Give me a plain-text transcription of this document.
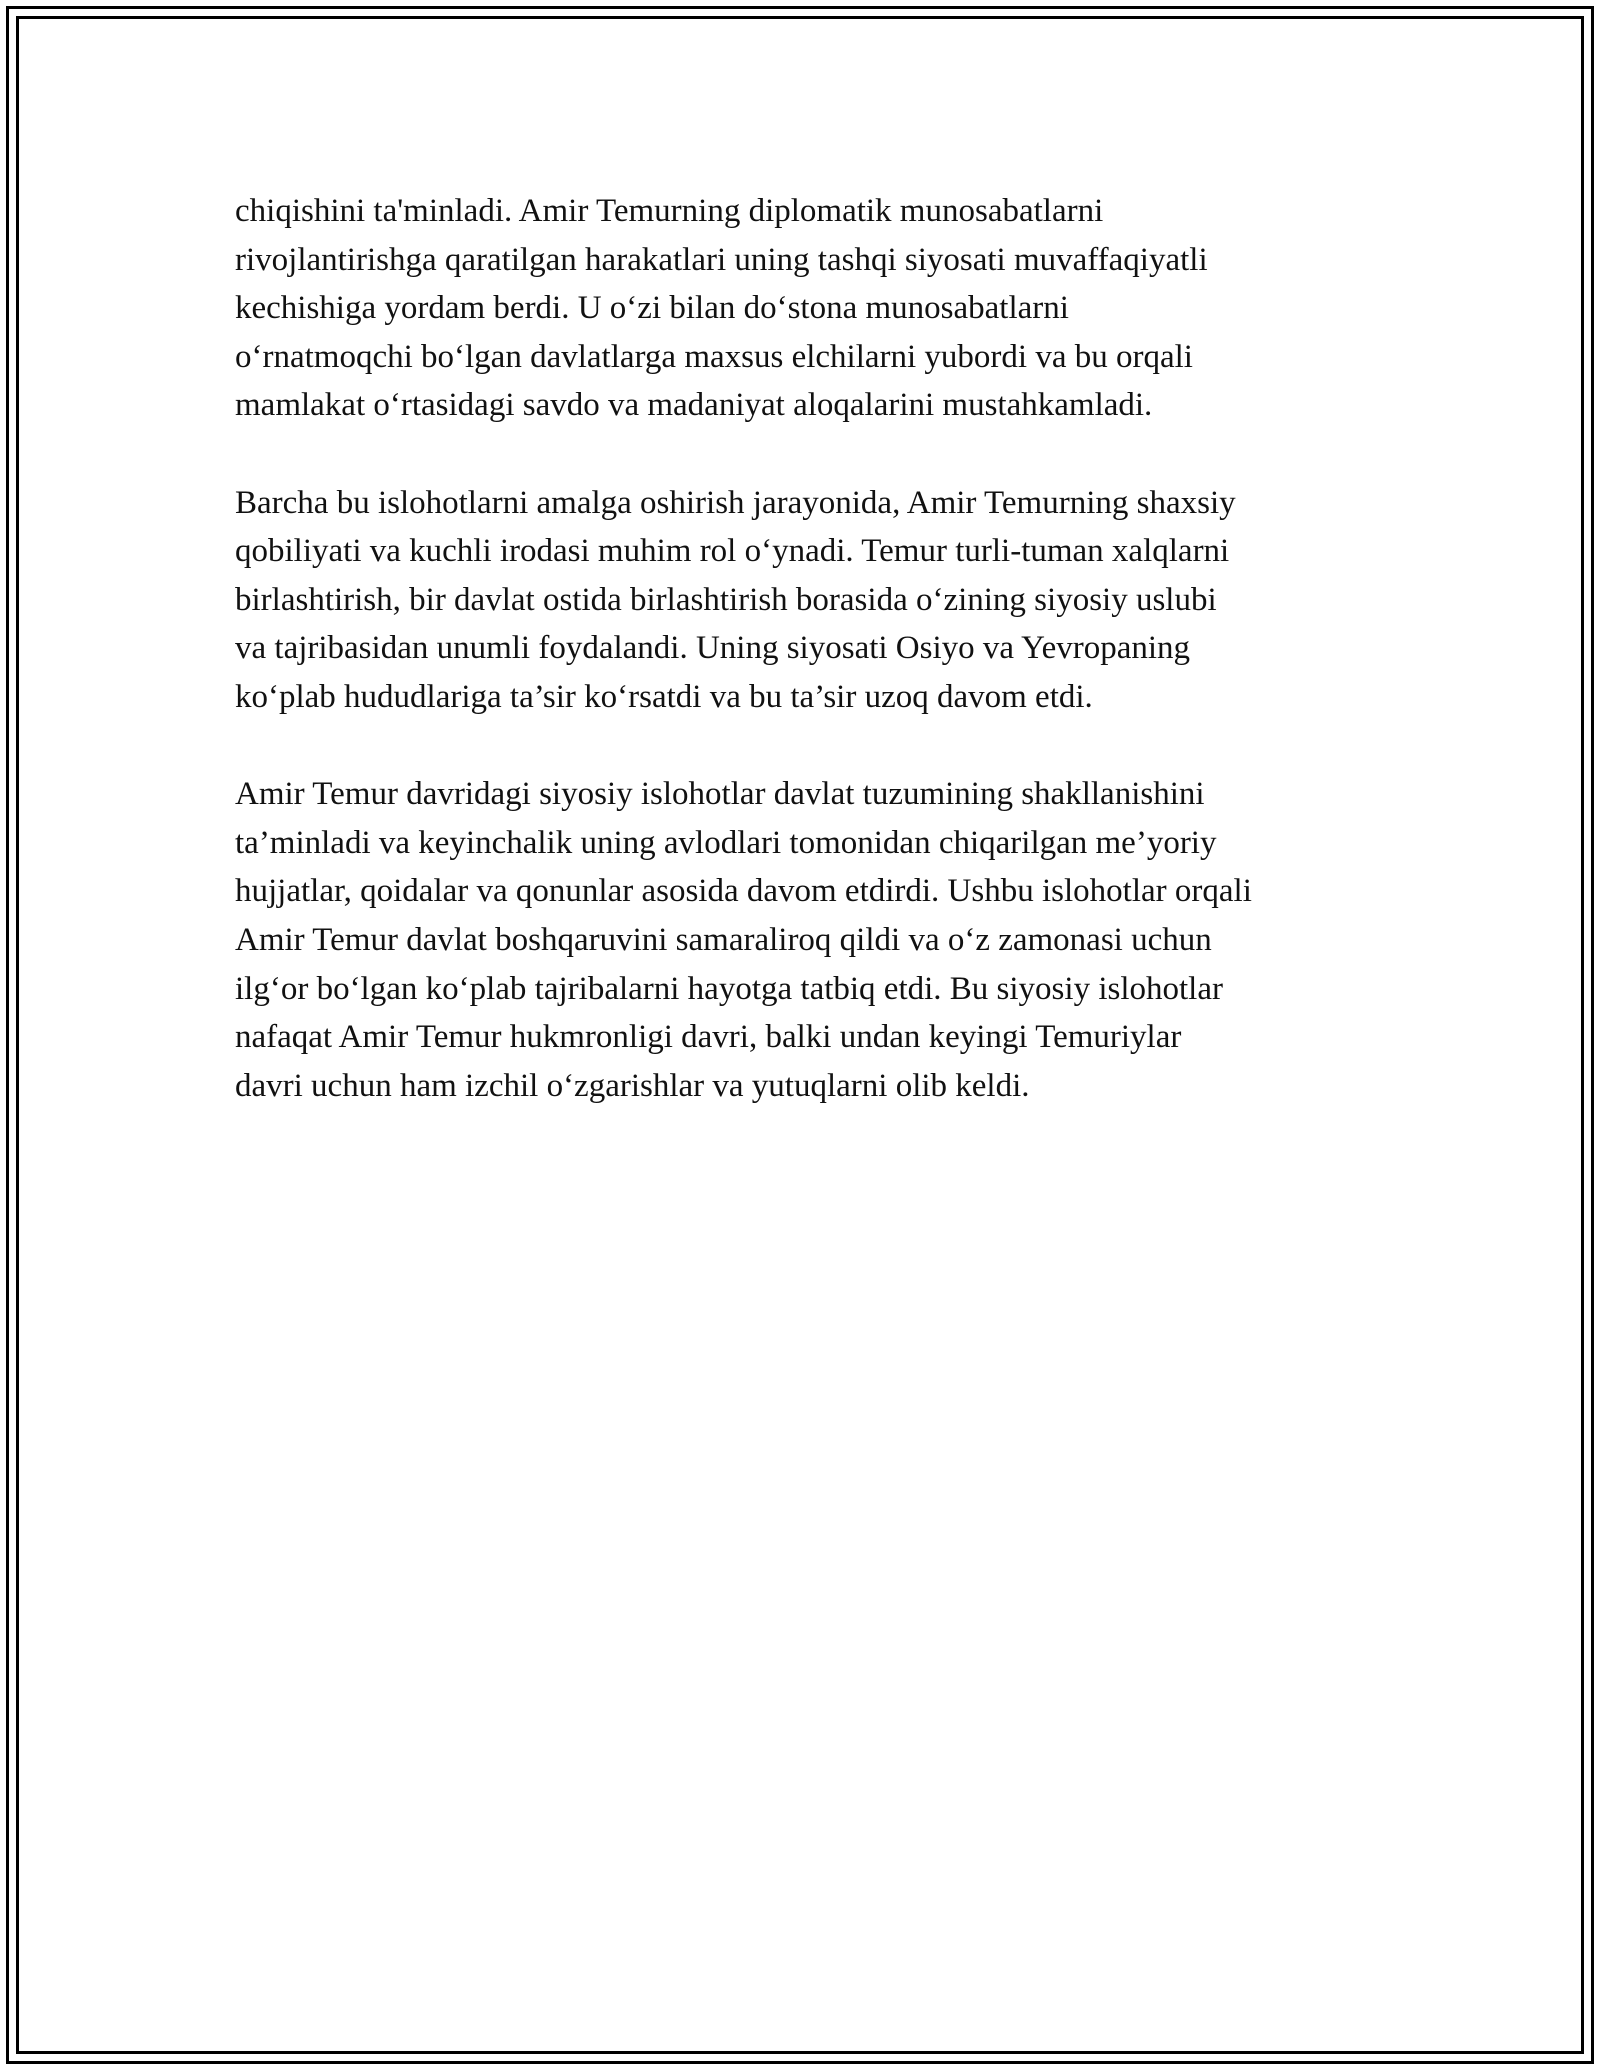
chiqishini ta'minladi. Amir Temurning diplomatik munosabatlarni
rivojlantirishga qaratilgan harakatlari uning tashqi siyosati muvaffaqiyatli
kechishiga yordam berdi. U o‘zi bilan do‘stona munosabatlarni
o‘rnatmoqchi bo‘lgan davlatlarga maxsus elchilarni yubordi va bu orqali
mamlakat o‘rtasidagi savdo va madaniyat aloqalarini mustahkamladi.

Barcha bu islohotlarni amalga oshirish jarayonida, Amir Temurning shaxsiy
qobiliyati va kuchli irodasi muhim rol o‘ynadi. Temur turli-tuman xalqlarni
birlashtirish, bir davlat ostida birlashtirish borasida o‘zining siyosiy uslubi
va tajribasidan unumli foydalandi. Uning siyosati Osiyo va Yevropaning
ko‘plab hududlariga ta’sir ko‘rsatdi va bu ta’sir uzoq davom etdi.

Amir Temur davridagi siyosiy islohotlar davlat tuzumining shakllanishini
ta’minladi va keyinchalik uning avlodlari tomonidan chiqarilgan me’yoriy
hujjatlar, qoidalar va qonunlar asosida davom etdirdi. Ushbu islohotlar orqali
Amir Temur davlat boshqaruvini samaraliroq qildi va o‘z zamonasi uchun
ilg‘or bo‘lgan ko‘plab tajribalarni hayotga tatbiq etdi. Bu siyosiy islohotlar
nafaqat Amir Temur hukmronligi davri, balki undan keyingi Temuriylar
davri uchun ham izchil o‘zgarishlar va yutuqlarni olib keldi.
